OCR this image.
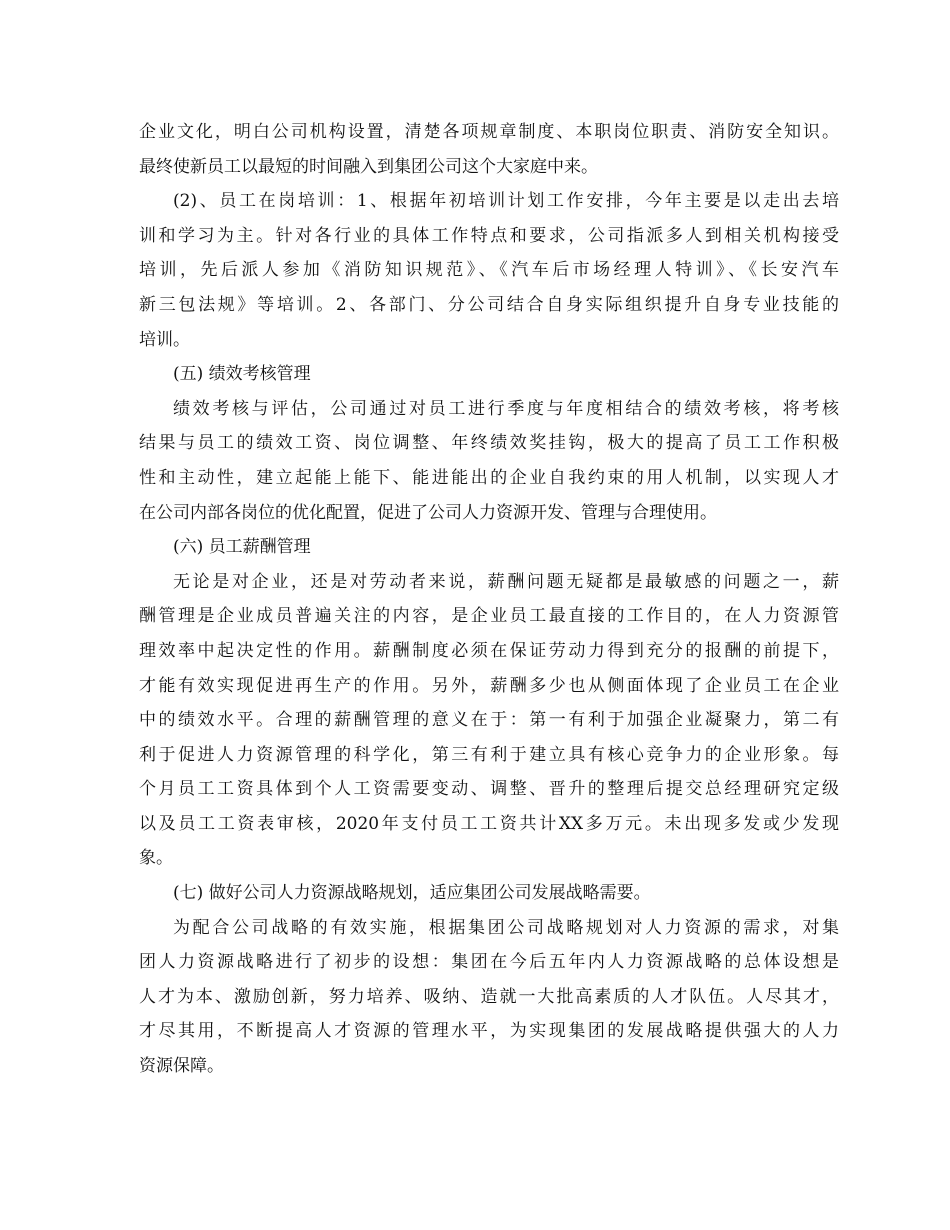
企业文化，明白公司机构设置，清楚各项规章制度、本职岗位职责、消防安全知识。
最终使新员工以最短的时间融入到集团公司这个大家庭中来。
(2)、员工在岗培训：1、根据年初培训计划工作安排，今年主要是以走出去培
训和学习为主。针对各行业的具体工作特点和要求，公司指派多人到相关机构接受
培训，先后派人参加《消防知识规范》、《汽车后市场经理人特训》、《长安汽车
新三包法规》等培训。2、各部门、分公司结合自身实际组织提升自身专业技能的
培训。
(五) 绩效考核管理
绩效考核与评估，公司通过对员工进行季度与年度相结合的绩效考核，将考核
结果与员工的绩效工资、岗位调整、年终绩效奖挂钩，极大的提高了员工工作积极
性和主动性，建立起能上能下、能进能出的企业自我约束的用人机制，以实现人才
在公司内部各岗位的优化配置，促进了公司人力资源开发、管理与合理使用。
(六) 员工薪酬管理
无论是对企业，还是对劳动者来说，薪酬问题无疑都是最敏感的问题之一，薪
酬管理是企业成员普遍关注的内容，是企业员工最直接的工作目的，在人力资源管
理效率中起决定性的作用。薪酬制度必须在保证劳动力得到充分的报酬的前提下，
才能有效实现促进再生产的作用。另外，薪酬多少也从侧面体现了企业员工在企业
中的绩效水平。合理的薪酬管理的意义在于：第一有利于加强企业凝聚力，第二有
利于促进人力资源管理的科学化，第三有利于建立具有核心竞争力的企业形象。每
个月员工工资具体到个人工资需要变动、调整、晋升的整理后提交总经理研究定级
以及员工工资表审核，2020年支付员工工资共计XX多万元。未出现多发或少发现
象。
(七) 做好公司人力资源战略规划，适应集团公司发展战略需要。
为配合公司战略的有效实施，根据集团公司战略规划对人力资源的需求，对集
团人力资源战略进行了初步的设想：集团在今后五年内人力资源战略的总体设想是
人才为本、激励创新，努力培养、吸纳、造就一大批高素质的人才队伍。人尽其才，
才尽其用，不断提高人才资源的管理水平，为实现集团的发展战略提供强大的人力
资源保障。
